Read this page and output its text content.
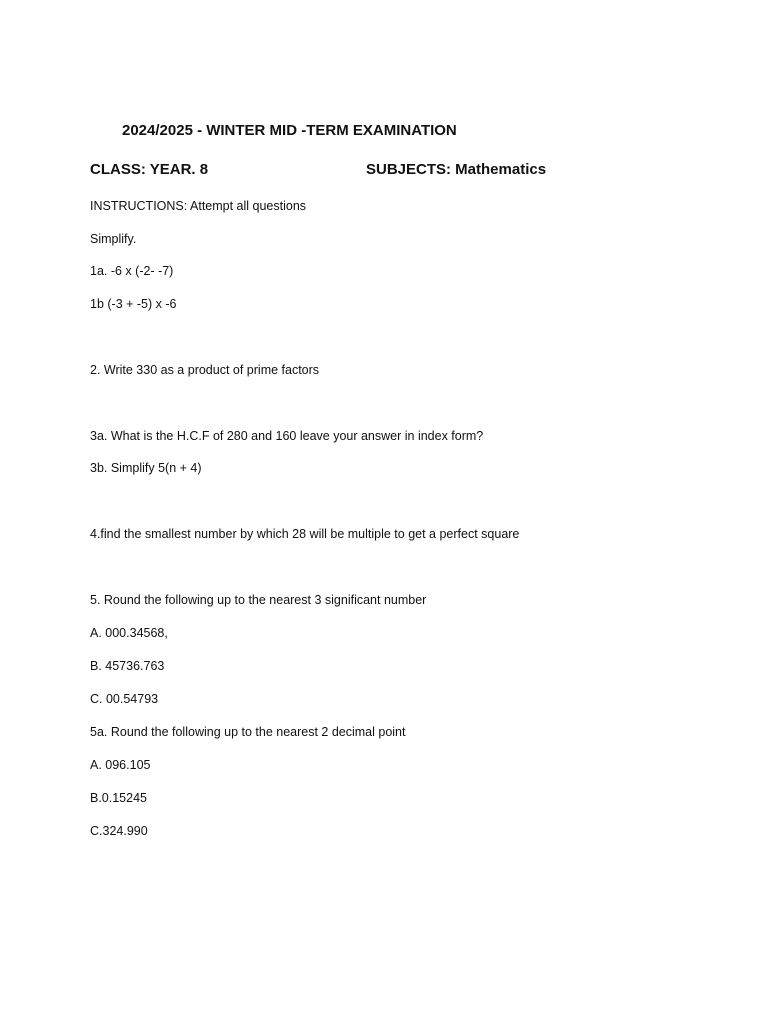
2024/2025 - WINTER MID -TERM EXAMINATION
CLASS: YEAR. 8	SUBJECTS: Mathematics
INSTRUCTIONS: Attempt all questions
Simplify.
1a. -6 x (-2- -7)
1b (-3 + -5) x -6
2. Write 330 as a product of prime factors
3a. What is the H.C.F of 280 and 160 leave your answer in index form?
3b. Simplify 5(n + 4)
4.find the smallest number by which 28 will be multiple to get a perfect square
5. Round the following up to the nearest 3 significant number
A. 000.34568,
B. 45736.763
C. 00.54793
5a. Round the following up to the nearest 2 decimal point
A. 096.105
B.0.15245
C.324.990
